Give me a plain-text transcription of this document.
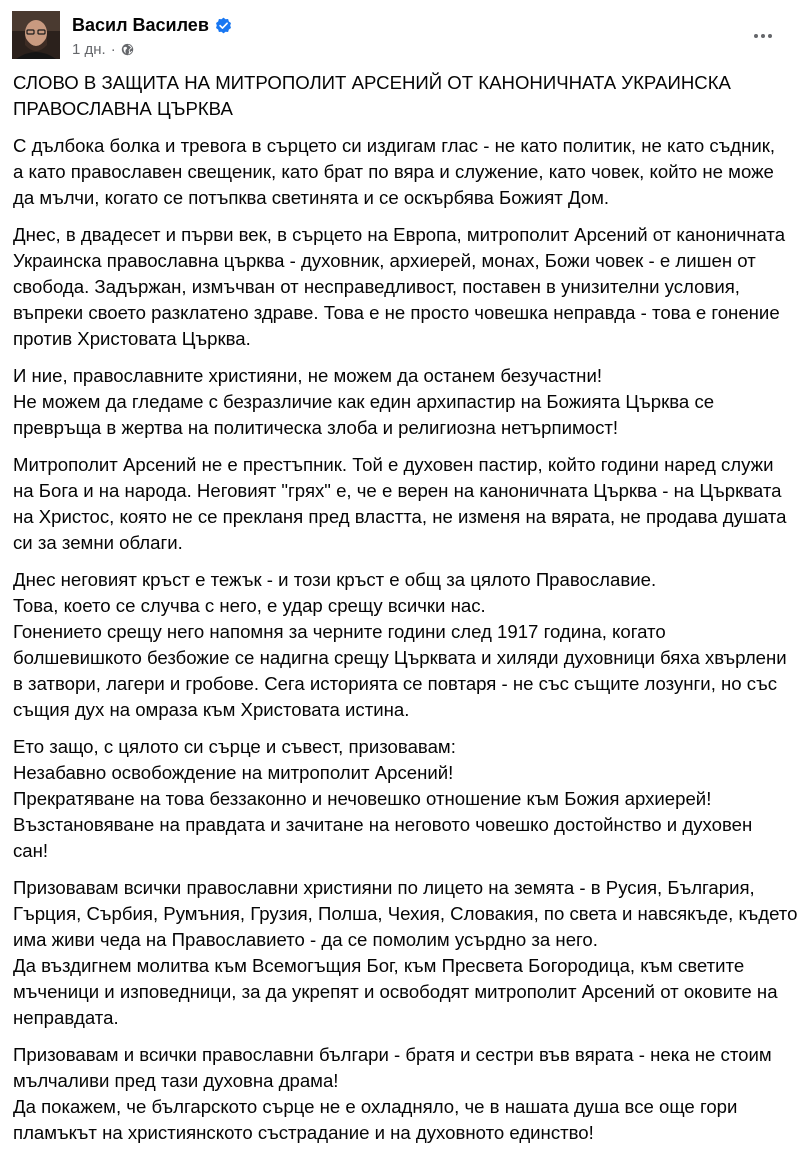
Васил Василев
1 дн. ·

СЛОВО В ЗАЩИТА НА МИТРОПОЛИТ АРСЕНИЙ ОТ КАНОНИЧНАТА УКРАИНСКА
ПРАВОСЛАВНА ЦЪРКВА

С дълбока болка и тревога в сърцето си издигам глас - не като политик, не като съдник,
а като православен свещеник, като брат по вяра и служение, като човек, който не може
да мълчи, когато се потъпква светинята и се оскърбява Божият Дом.

Днес, в двадесет и първи век, в сърцето на Европа, митрополит Арсений от каноничната
Украинска православна църква - духовник, архиерей, монах, Божи човек - е лишен от
свобода. Задържан, измъчван от несправедливост, поставен в унизителни условия,
въпреки своето разклатено здраве. Това е не просто човешка неправда - това е гонение
против Христовата Църква.

И ние, православните християни, не можем да останем безучастни!
Не можем да гледаме с безразличие как един архипастир на Божията Църква се
превръща в жертва на политическа злоба и религиозна нетърпимост!

Митрополит Арсений не е престъпник. Той е духовен пастир, който години наред служи
на Бога и на народа. Неговият "грях" е, че е верен на каноничната Църква - на Църквата
на Христос, която не се прекланя пред властта, не изменя на вярата, не продава душата
си за земни облаги.

Днес неговият кръст е тежък - и този кръст е общ за цялото Православие.
Това, което се случва с него, е удар срещу всички нас.
Гонението срещу него напомня за черните години след 1917 година, когато
болшевишкото безбожие се надигна срещу Църквата и хиляди духовници бяха хвърлени
в затвори, лагери и гробове. Сега историята се повтаря - не със същите лозунги, но със
същия дух на омраза към Христовата истина.

Ето защо, с цялото си сърце и съвест, призовавам:
Незабавно освобождение на митрополит Арсений!
Прекратяване на това беззаконно и нечовешко отношение към Божия архиерей!
Възстановяване на правдата и зачитане на неговото човешко достойнство и духовен
сан!

Призовавам всички православни християни по лицето на земята - в Русия, България,
Гърция, Сърбия, Румъния, Грузия, Полша, Чехия, Словакия, по света и навсякъде, където
има живи чеда на Православието - да се помолим усърдно за него.
Да въздигнем молитва към Всемогъщия Бог, към Пресвета Богородица, към светите
мъченици и изповедници, за да укрепят и освободят митрополит Арсений от оковите на
неправдата.

Призовавам и всички православни българи - братя и сестри във вярата - нека не стоим
мълчаливи пред тази духовна драма!
Да покажем, че българското сърце не е охладняло, че в нашата душа все още гори
пламъкът на християнското състрадание и на духовното единство!
